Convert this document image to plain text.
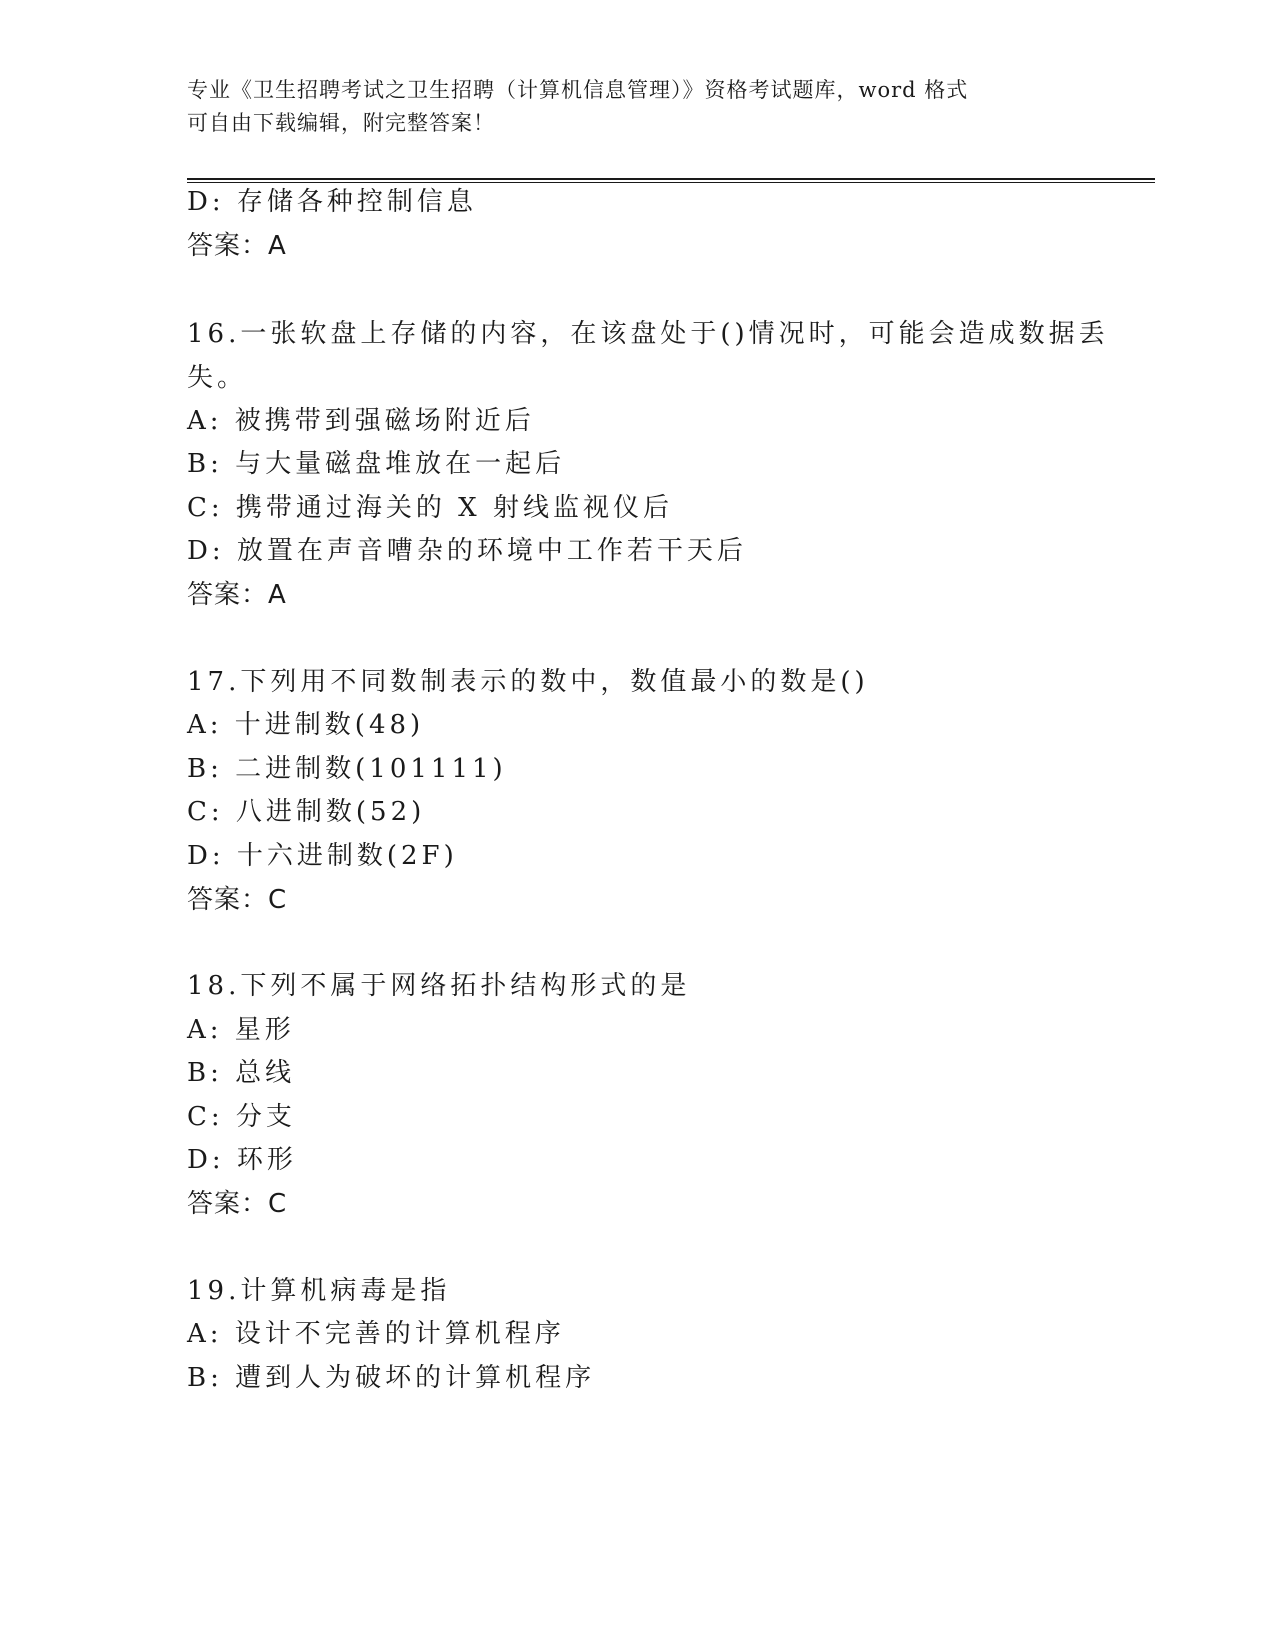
专业《卫生招聘考试之卫生招聘（计算机信息管理）》资格考试题库，word 格式
可自由下载编辑，附完整答案！
D: 存储各种控制信息
答案：A
16.一张软盘上存储的内容，在该盘处于()情况时，可能会造成数据丢
失。
A: 被携带到强磁场附近后
B: 与大量磁盘堆放在一起后
C: 携带通过海关的 X 射线监视仪后
D: 放置在声音嘈杂的环境中工作若干天后
答案：A
17.下列用不同数制表示的数中，数值最小的数是()
A: 十进制数(48)
B: 二进制数(101111)
C: 八进制数(52)
D: 十六进制数(2F)
答案：C
18.下列不属于网络拓扑结构形式的是
A: 星形
B: 总线
C: 分支
D: 环形
答案：C
19.计算机病毒是指
A: 设计不完善的计算机程序
B: 遭到人为破坏的计算机程序
